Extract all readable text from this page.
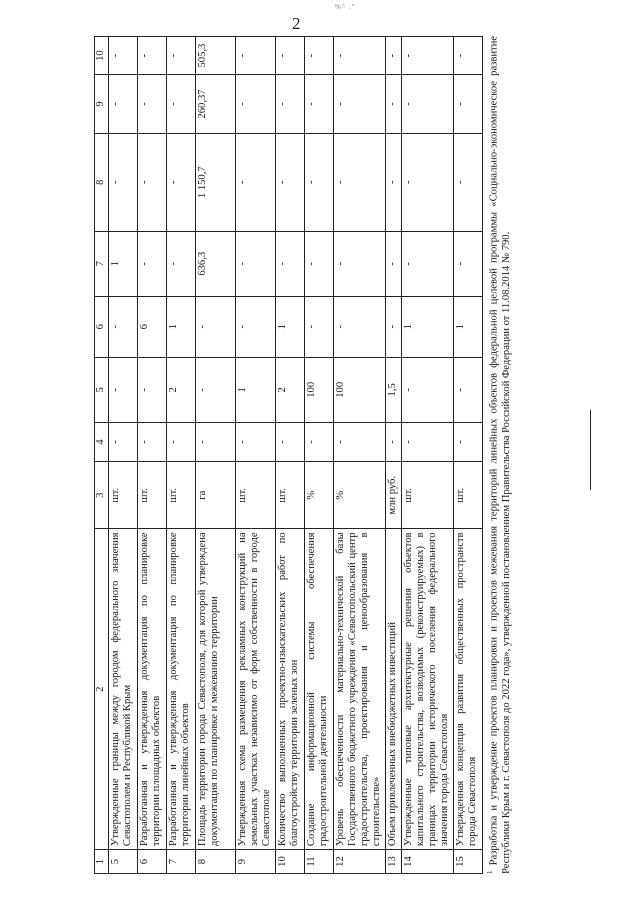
2
%^ ."
1	2	3	4	5	6	7	8	9	10
5	Утвержденные границы между городом федерального значения Севастополем и Республикой Крым	шт.	-	-	-	1	-	-	-
6	Разработанная и утвержденная документация по планировке территории площадных объектов	шт.	-	-	6	-	-	-	-
7	Разработанная и утвержденная документация по планировке территории линейных объектов	шт.	-	2	1	-	-	-	-
8	Площадь территории города Севастополя, для которой утверждена документация по планировке и межеванию территории	га	-	-	-	636,3	1 150,7	260,37	505,3
9	Утвержденная схема размещения рекламных конструкций на земельных участках независимо от форм собственности в городе Севастополе	шт.	-	1	-	-	-	-	-
10	Количество выполненных проектно-изыскательских работ по благоустройству территории зеленых зон	шт.	-	2	1	-	-	-	-
11	Создание информационной системы обеспечения градостроительной деятельности	%	-	100	-	-	-	-	-
12	Уровень обеспеченности материально-технической базы Государственного бюджетного учреждения «Севастопольский центр градостроительства, проектирования и ценообразования в строительстве»	%	-	100	-	-	-	-	-
13	Объем привлеченных внебюджетных инвестиций	млн руб.	-	1,5	-	-	-	-	-
14	Утвержденные типовые архитектурные решения объектов капитального строительства, возводимых (реконструируемых) в границах территории исторического поселения федерального значения города Севастополя	шт.	-	-	1	-	-	-	-
15	Утвержденная концепция развития общественных пространств города Севастополя	шт.	-	-	1	-	-	-	-
$^1$ Разработка и утверждение проектов планировки и проектов межевания территорий линейных объектов федеральной целевой программы «Социально-экономическое развитие Республики Крым и г. Севастополя до 2022 года», утвержденной постановлением Правительства Российской Федерации от 11.08.2014 № 790.
